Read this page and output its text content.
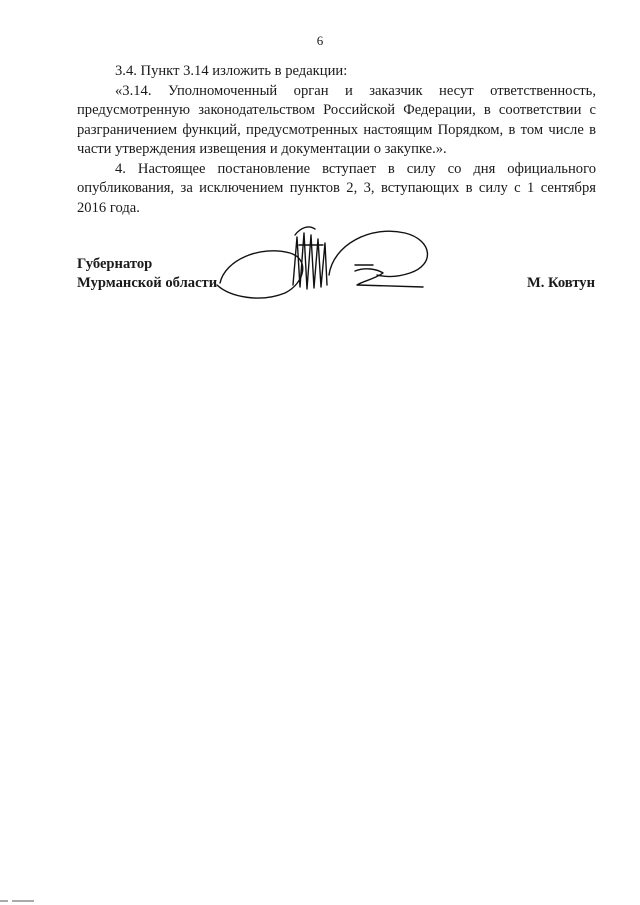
6

3.4. Пункт 3.14 изложить в редакции:

«3.14. Уполномоченный орган и заказчик несут ответственность, предусмотренную законодательством Российской Федерации, в соответствии с разграничением функций, предусмотренных настоящим Порядком, в том числе в части утверждения извещения и документации о закупке.».

4. Настоящее постановление вступает в силу со дня официального опубликования, за исключением пунктов 2, 3, вступающих в силу с 1 сентября 2016 года.

Губернатор
Мурманской области	М. Ковтун
